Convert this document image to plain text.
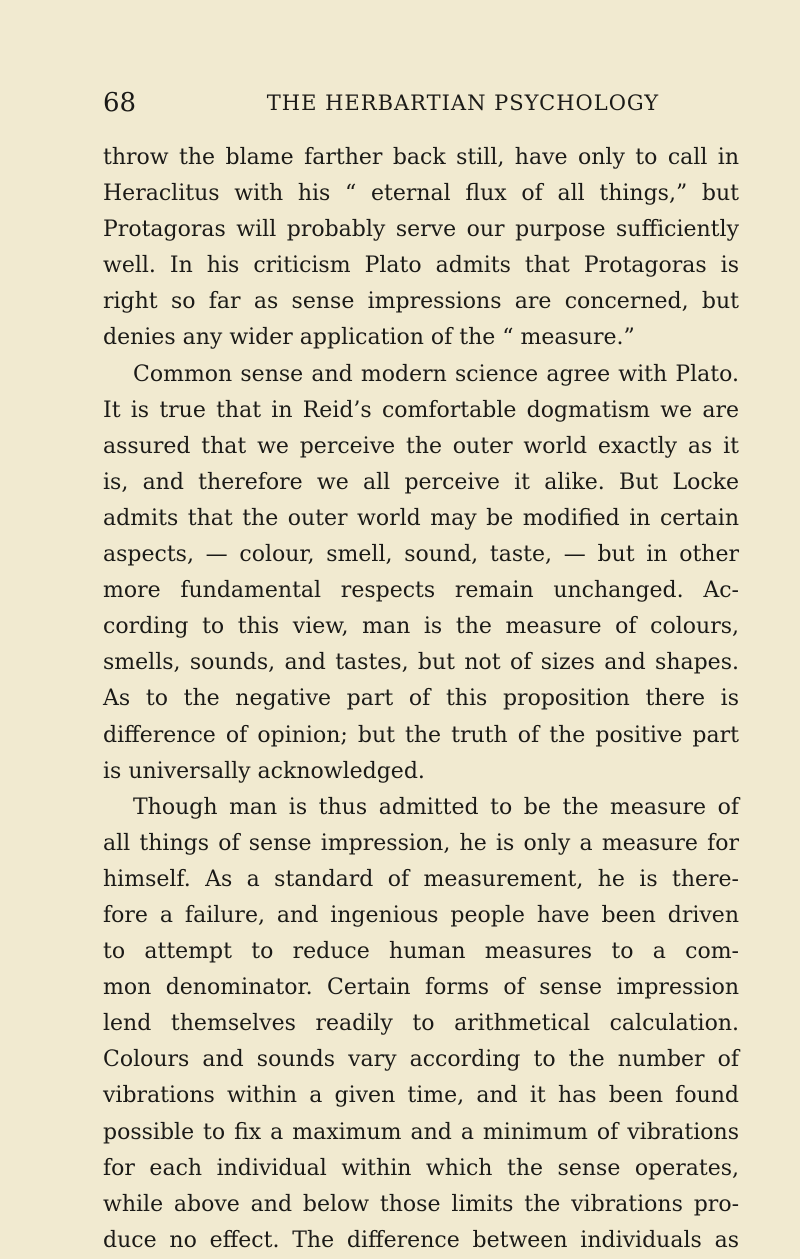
68	THE HERBARTIAN PSYCHOLOGY
throw the blame farther back still, have only to call in
Heraclitus with his “ eternal flux of all things,” but
Protagoras will probably serve our purpose sufficiently
well. In his criticism Plato admits that Protagoras is
right so far as sense impressions are concerned, but
denies any wider application of the “ measure.”
Common sense and modern science agree with Plato.
It is true that in Reid’s comfortable dogmatism we are
assured that we perceive the outer world exactly as it
is, and therefore we all perceive it alike. But Locke
admits that the outer world may be modified in certain
aspects, — colour, smell, sound, taste, — but in other
more fundamental respects remain unchanged. Ac-
cording to this view, man is the measure of colours,
smells, sounds, and tastes, but not of sizes and shapes.
As to the negative part of this proposition there is
difference of opinion; but the truth of the positive part
is universally acknowledged.
Though man is thus admitted to be the measure of
all things of sense impression, he is only a measure for
himself. As a standard of measurement, he is there-
fore a failure, and ingenious people have been driven
to attempt to reduce human measures to a com-
mon denominator. Certain forms of sense impression
lend themselves readily to arithmetical calculation.
Colours and sounds vary according to the number of
vibrations within a given time, and it has been found
possible to fix a maximum and a minimum of vibrations
for each individual within which the sense operates,
while above and below those limits the vibrations pro-
duce no effect. The difference between individuals as
